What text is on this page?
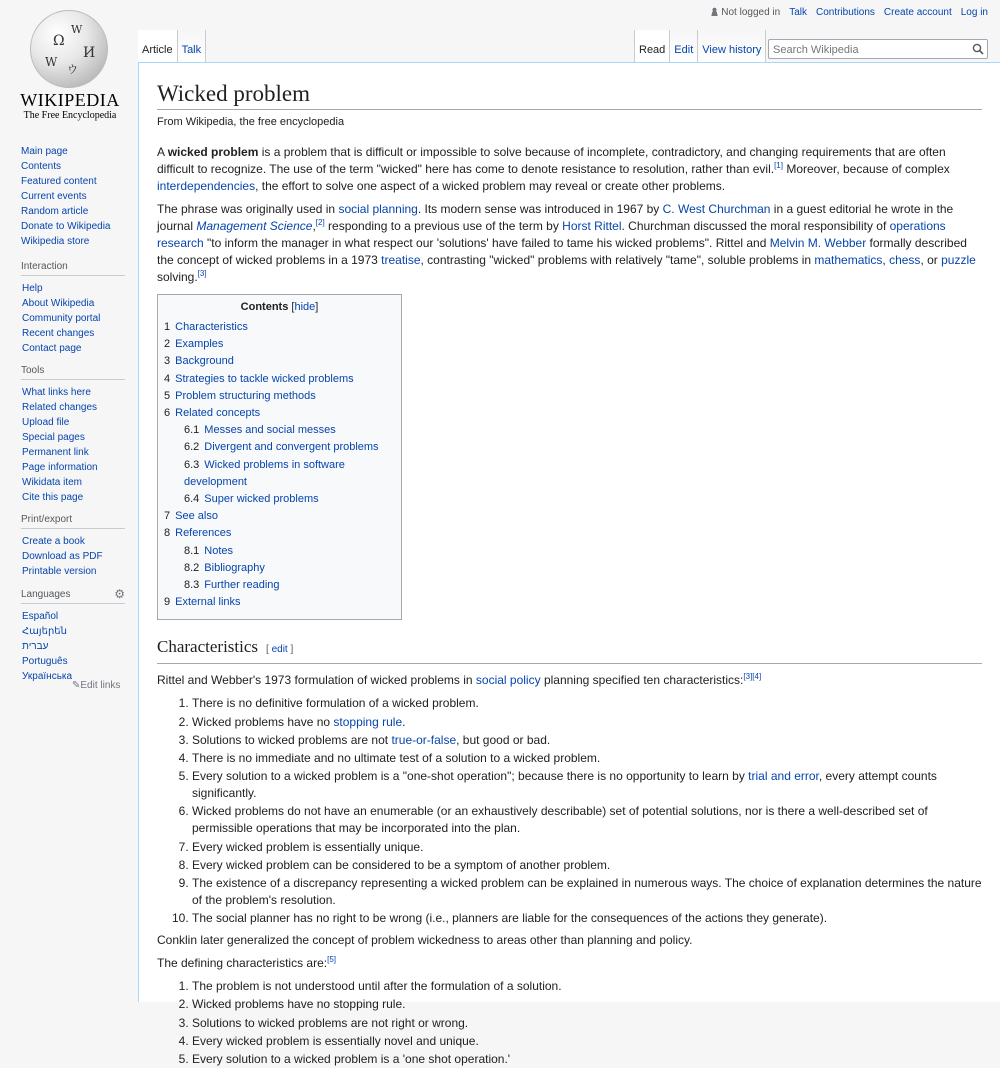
Ω
W
И
W
ウ
WIKIPEDIA
The Free Encyclopedia
Main page
Contents
Featured content
Current events
Random article
Donate to Wikipedia
Wikipedia store
Interaction
Help
About Wikipedia
Community portal
Recent changes
Contact page
Tools
What links here
Related changes
Upload file
Special pages
Permanent link
Page information
Wikidata item
Cite this page
Print/export
Create a book
Download as PDF
Printable version
Languages	⚙
Español
Հայերեն
עברית
Português
Українська
✎Edit links
Not logged in Talk Contributions Create account Log in
Article Talk	Read Edit View history
Search Wikipedia
Wicked problem
From Wikipedia, the free encyclopedia

A wicked problem is a problem that is difficult or impossible to solve because of incomplete, contradictory, and changing requirements that are often difficult to recognize. The use of the term "wicked" here has come to denote resistance to resolution, rather than evil.[1] Moreover, because of complex interdependencies, the effort to solve one aspect of a wicked problem may reveal or create other problems.

The phrase was originally used in social planning. Its modern sense was introduced in 1967 by C. West Churchman in a guest editorial he wrote in the journal Management Science,[2] responding to a previous use of the term by Horst Rittel. Churchman discussed the moral responsibility of operations research "to inform the manager in what respect our 'solutions' have failed to tame his wicked problems". Rittel and Melvin M. Webber formally described the concept of wicked problems in a 1973 treatise, contrasting "wicked" problems with relatively "tame", soluble problems in mathematics, chess, or puzzle solving.[3]

Contents [hide]
1 Characteristics
2 Examples
3 Background
4 Strategies to tackle wicked problems
5 Problem structuring methods
6 Related concepts
6.1 Messes and social messes
6.2 Divergent and convergent problems
6.3 Wicked problems in software development
6.4 Super wicked problems
7 See also
8 References
8.1 Notes
8.2 Bibliography
8.3 Further reading
9 External links
Characteristics [ edit ]

Rittel and Webber's 1973 formulation of wicked problems in social policy planning specified ten characteristics:[3][4]

1. There is no definitive formulation of a wicked problem.
2. Wicked problems have no stopping rule.
3. Solutions to wicked problems are not true-or-false, but good or bad.
4. There is no immediate and no ultimate test of a solution to a wicked problem.
5. Every solution to a wicked problem is a "one-shot operation"; because there is no opportunity to learn by trial and error, every attempt counts significantly.
6. Wicked problems do not have an enumerable (or an exhaustively describable) set of potential solutions, nor is there a well-described set of permissible operations that may be incorporated into the plan.
7. Every wicked problem is essentially unique.
8. Every wicked problem can be considered to be a symptom of another problem.
9. The existence of a discrepancy representing a wicked problem can be explained in numerous ways. The choice of explanation determines the nature of the problem's resolution.
10. The social planner has no right to be wrong (i.e., planners are liable for the consequences of the actions they generate).

Conklin later generalized the concept of problem wickedness to areas other than planning and policy.

The defining characteristics are:[5]

1. The problem is not understood until after the formulation of a solution.
2. Wicked problems have no stopping rule.
3. Solutions to wicked problems are not right or wrong.
4. Every wicked problem is essentially novel and unique.
5. Every solution to a wicked problem is a 'one shot operation.'
